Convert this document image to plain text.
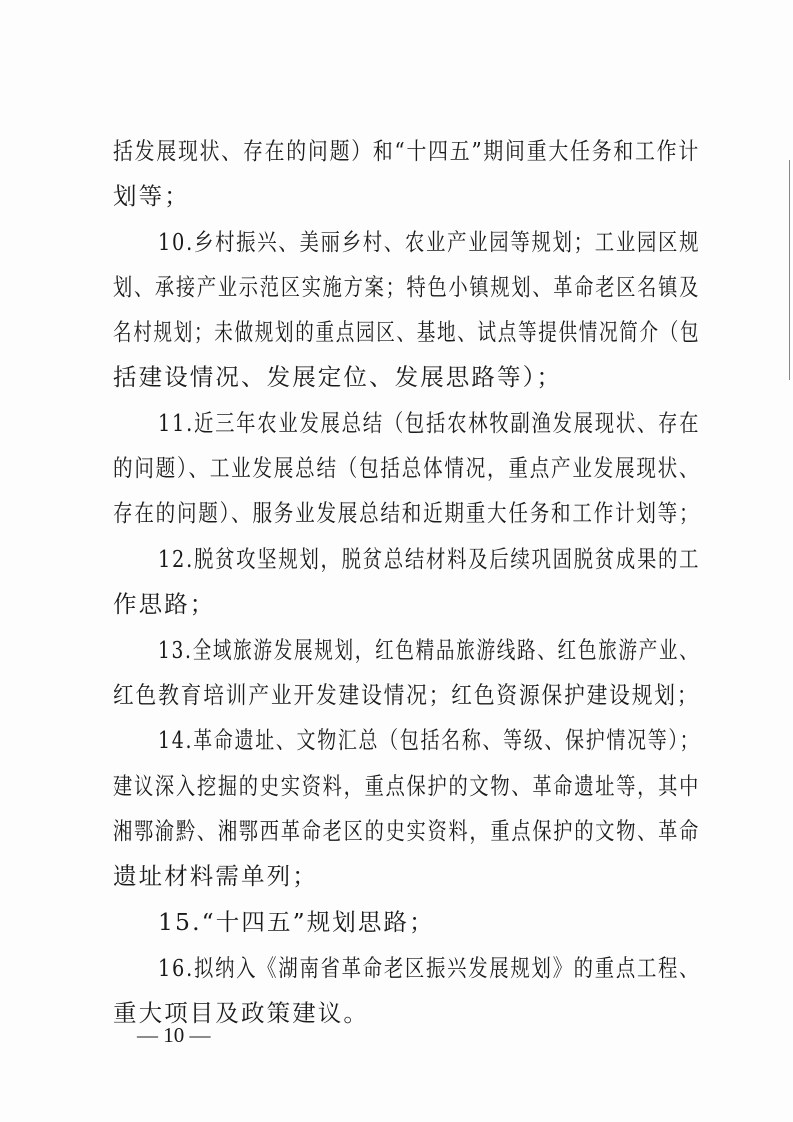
括发展现状、存在的问题）和“十四五”期间重大任务和工作计
划等；
10.乡村振兴、美丽乡村、农业产业园等规划；工业园区规
划、承接产业示范区实施方案；特色小镇规划、革命老区名镇及
名村规划；未做规划的重点园区、基地、试点等提供情况简介（包
括建设情况、发展定位、发展思路等）；
11.近三年农业发展总结（包括农林牧副渔发展现状、存在
的问题）、工业发展总结（包括总体情况，重点产业发展现状、
存在的问题）、服务业发展总结和近期重大任务和工作计划等；
12.脱贫攻坚规划，脱贫总结材料及后续巩固脱贫成果的工
作思路；
13.全域旅游发展规划，红色精品旅游线路、红色旅游产业、
红色教育培训产业开发建设情况；红色资源保护建设规划；
14.革命遗址、文物汇总（包括名称、等级、保护情况等）；
建议深入挖掘的史实资料，重点保护的文物、革命遗址等，其中
湘鄂渝黔、湘鄂西革命老区的史实资料，重点保护的文物、革命
遗址材料需单列；
15.“十四五”规划思路；
16.拟纳入《湖南省革命老区振兴发展规划》的重点工程、
重大项目及政策建议。
— 10 —
